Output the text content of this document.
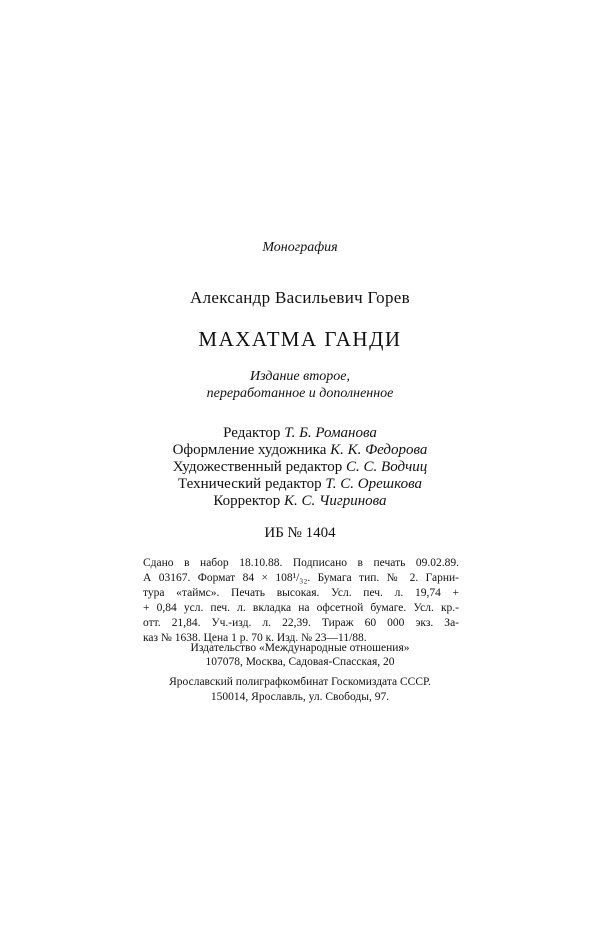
Монография
Александр Васильевич Горев
МАХАТМА ГАНДИ
Издание второе,
переработанное и дополненное
Редактор Т. Б. Романова
Оформление художника К. К. Федорова
Художественный редактор С. С. Водчиц
Технический редактор Т. С. Орешкова
Корректор К. С. Чигринова
ИБ № 1404
Сдано в набор 18.10.88. Подписано в печать 09.02.89.
А 03167. Формат 84 × 108¹/₃₂. Бумага тип. № 2. Гарни-
тура «таймс». Печать высокая. Усл. печ. л. 19,74 +
+ 0,84 усл. печ. л. вкладка на офсетной бумаге. Усл. кр.-
отт. 21,84. Уч.-изд. л. 22,39. Тираж 60 000 экз. За-
каз № 1638. Цена 1 р. 70 к. Изд. № 23—11/88.
Издательство «Международные отношения»
107078, Москва, Садовая-Спасская, 20
Ярославский полиграфкомбинат Госкомиздата СССР.
150014, Ярославль, ул. Свободы, 97.
